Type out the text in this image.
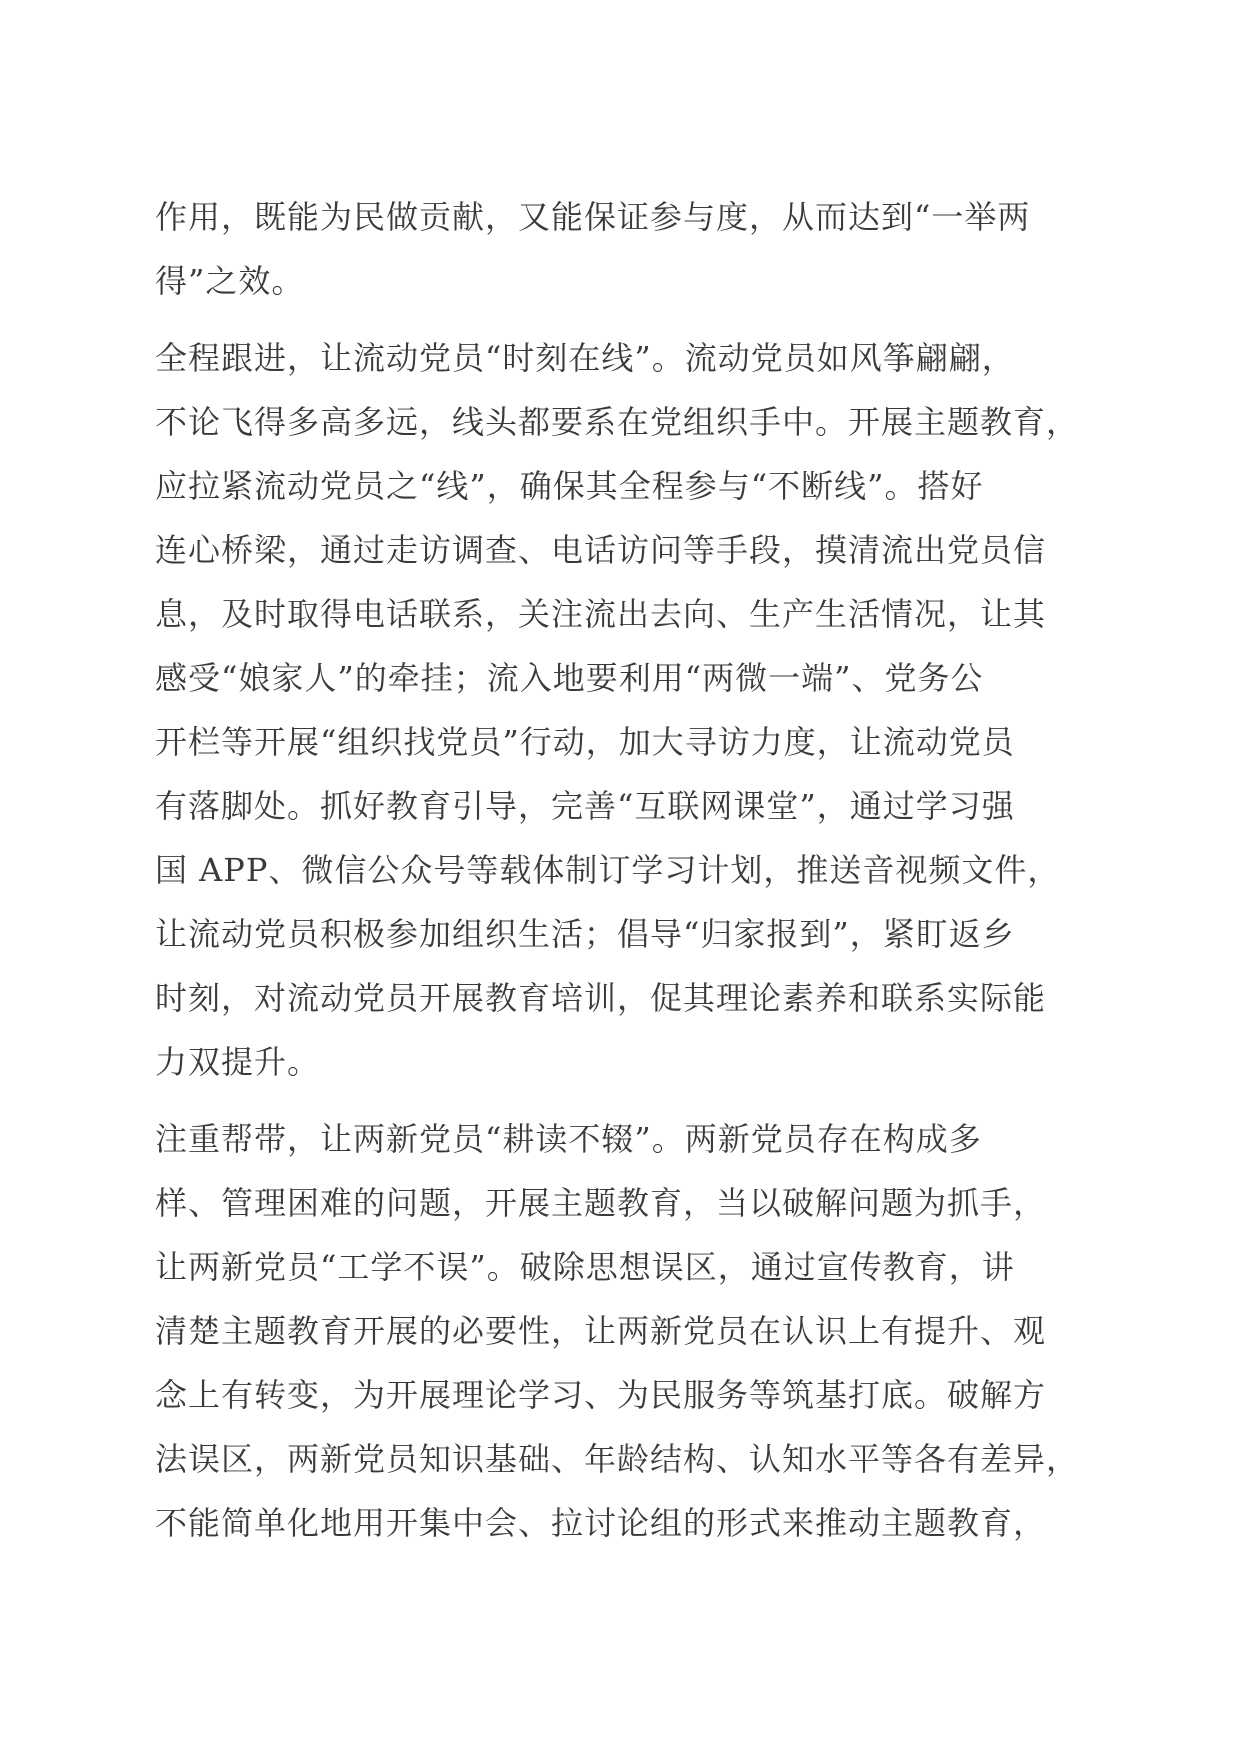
作用，既能为民做贡献，又能保证参与度，从而达到“一举两
得”之效。
全程跟进，让流动党员“时刻在线”。流动党员如风筝翩翩，
不论飞得多高多远，线头都要系在党组织手中。开展主题教育，
应拉紧流动党员之“线”，确保其全程参与“不断线”。搭好
连心桥梁，通过走访调查、电话访问等手段，摸清流出党员信
息，及时取得电话联系，关注流出去向、生产生活情况，让其
感受“娘家人”的牵挂；流入地要利用“两微一端”、党务公
开栏等开展“组织找党员”行动，加大寻访力度，让流动党员
有落脚处。抓好教育引导，完善“互联网课堂”，通过学习强
国 APP、微信公众号等载体制订学习计划，推送音视频文件，
让流动党员积极参加组织生活；倡导“归家报到”，紧盯返乡
时刻，对流动党员开展教育培训，促其理论素养和联系实际能
力双提升。
注重帮带，让两新党员“耕读不辍”。两新党员存在构成多
样、管理困难的问题，开展主题教育，当以破解问题为抓手，
让两新党员“工学不误”。破除思想误区，通过宣传教育，讲
清楚主题教育开展的必要性，让两新党员在认识上有提升、观
念上有转变，为开展理论学习、为民服务等筑基打底。破解方
法误区，两新党员知识基础、年龄结构、认知水平等各有差异，
不能简单化地用开集中会、拉讨论组的形式来推动主题教育，
